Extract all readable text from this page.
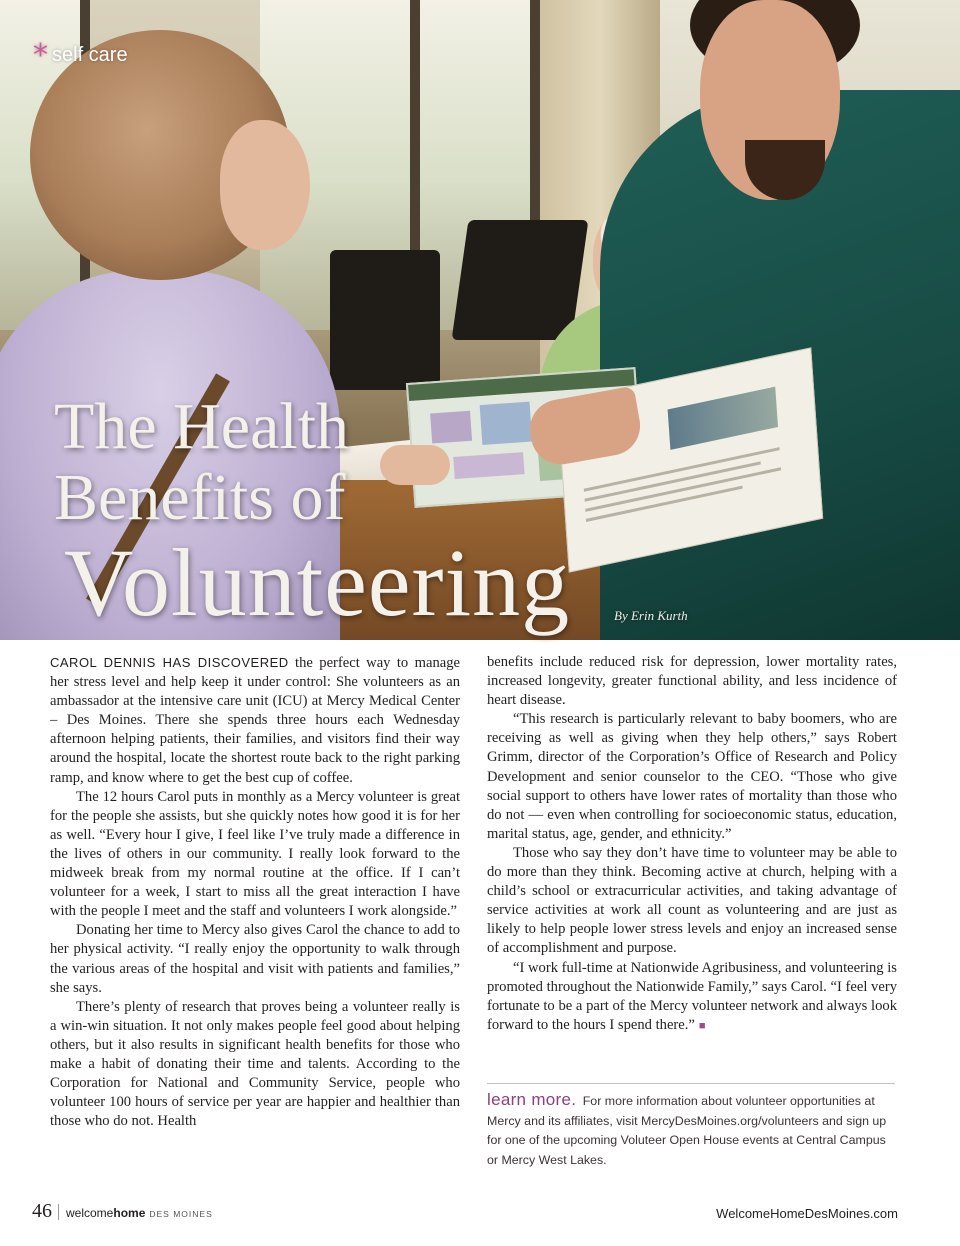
* self care
The Health
Benefits of
Volunteering	By Erin Kurth

CAROL DENNIS HAS DISCOVERED the perfect way to manage her stress level and help keep it under control: She volunteers as an ambassador at the intensive care unit (ICU) at Mercy Medical Center – Des Moines. There she spends three hours each Wednesday afternoon helping patients, their families, and visitors find their way around the hospital, locate the shortest route back to the right parking ramp, and know where to get the best cup of coffee.

The 12 hours Carol puts in monthly as a Mercy volunteer is great for the people she assists, but she quickly notes how good it is for her as well. “Every hour I give, I feel like I’ve truly made a difference in the lives of others in our community. I really look forward to the midweek break from my normal routine at the office. If I can’t volunteer for a week, I start to miss all the great interaction I have with the people I meet and the staff and volunteers I work alongside.”

Donating her time to Mercy also gives Carol the chance to add to her physical activity. “I really enjoy the opportunity to walk through the various areas of the hospital and visit with patients and families,” she says.

There’s plenty of research that proves being a volunteer really is a win-win situation. It not only makes people feel good about helping others, but it also results in significant health benefits for those who make a habit of donating their time and talents. According to the Corporation for National and Community Service, people who volunteer 100 hours of service per year are happier and healthier than those who do not. Health

benefits include reduced risk for depression, lower mortality rates, increased longevity, greater functional ability, and less incidence of heart disease.

“This research is particularly relevant to baby boomers, who are receiving as well as giving when they help others,” says Robert Grimm, director of the Corporation’s Office of Research and Policy Development and senior counselor to the CEO. “Those who give social support to others have lower rates of mortality than those who do not — even when controlling for socioeconomic status, education, marital status, age, gender, and ethnicity.”

Those who say they don’t have time to volunteer may be able to do more than they think. Becoming active at church, helping with a child’s school or extracurricular activities, and taking advantage of service activities at work all count as volunteering and are just as likely to help people lower stress levels and enjoy an increased sense of accomplishment and purpose.

“I work full-time at Nationwide Agribusiness, and volunteering is promoted throughout the Nationwide Family,” says Carol. “I feel very fortunate to be a part of the Mercy volunteer network and always look forward to the hours I spend there.” ■

learn more. For more information about volunteer opportunities at Mercy and its affiliates, visit MercyDesMoines.org/volunteers and sign up for one of the upcoming Voluteer Open House events at Central Campus or Mercy West Lakes.
46 welcomehome DES MOINES	WelcomeHomeDesMoines.com
